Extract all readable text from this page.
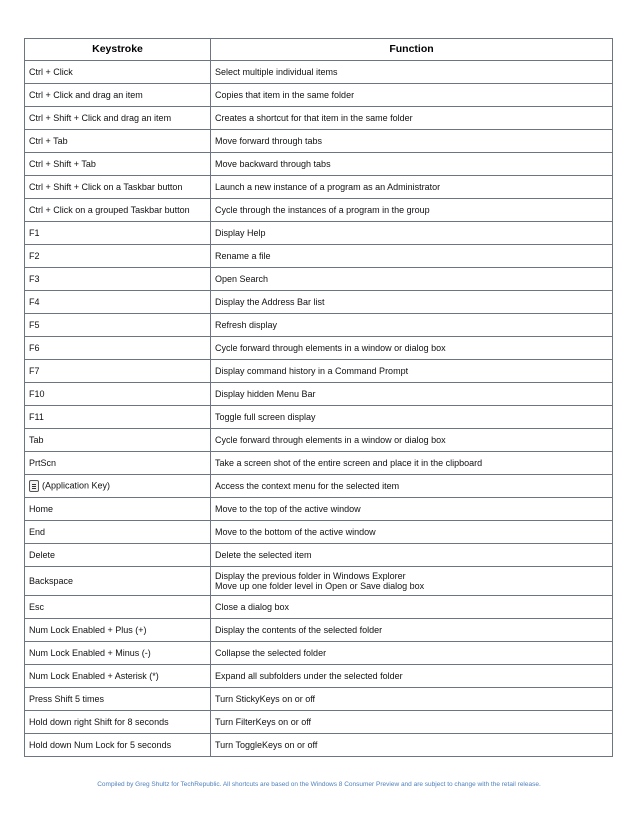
Keystroke	Function
Ctrl + Click	Select multiple individual items

Ctrl + Click and drag an item	Copies that item in the same folder

Ctrl + Shift + Click and drag an item	Creates a shortcut for that item in the same folder

Ctrl + Tab	Move forward through tabs

Ctrl + Shift + Tab	Move backward through tabs

Ctrl + Shift + Click on a Taskbar button	Launch a new instance of a program as an Administrator

Ctrl + Click on a grouped Taskbar button	Cycle through the instances of a program in the group

F1	Display Help

F2	Rename a file

F3	Open Search

F4	Display the Address Bar list

F5	Refresh display

F6	Cycle forward through elements in a window or dialog box

F7	Display command history in a Command Prompt

F10	Display hidden Menu Bar

F11	Toggle full screen display

Tab	Cycle forward through elements in a window or dialog box

PrtScn	Take a screen shot of the entire screen and place it in the clipboard

(Application Key)	Access the context menu for the selected item

Home	Move to the top of the active window

End	Move to the bottom of the active window

Delete	Delete the selected item

Backspace	Display the previous folder in Windows Explorer
Move up one folder level in Open or Save dialog box

Esc	Close a dialog box

Num Lock Enabled + Plus (+)	Display the contents of the selected folder

Num Lock Enabled + Minus (-)	Collapse the selected folder

Num Lock Enabled + Asterisk (*)	Expand all subfolders under the selected folder

Press Shift 5 times	Turn StickyKeys on or off

Hold down right Shift for 8 seconds	Turn FilterKeys on or off

Hold down Num Lock for 5 seconds	Turn ToggleKeys on or off
Compiled by Greg Shultz for TechRepublic. All shortcuts are based on the Windows 8 Consumer Preview and are subject to change with the retail release.
